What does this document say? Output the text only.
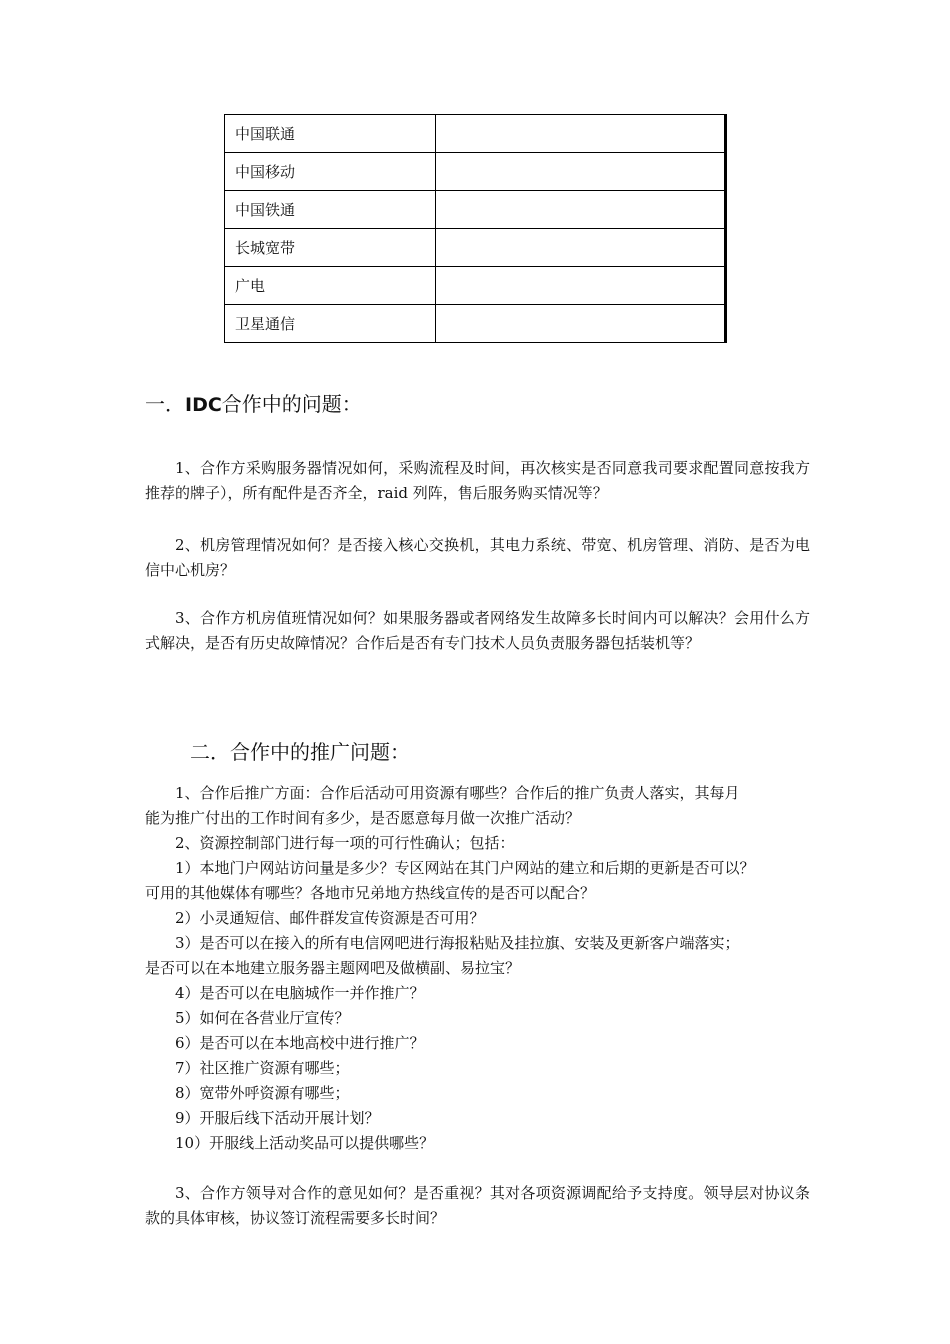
中国联通	
中国移动	
中国铁通	
长城宽带	
广电	
卫星通信	
一．IDC合作中的问题：
1、合作方采购服务器情况如何，采购流程及时间，再次核实是否同意我司要求配置同意按我方推荐的牌子），所有配件是否齐全，raid 列阵，售后服务购买情况等？
2、机房管理情况如何？是否接入核心交换机，其电力系统、带宽、机房管理、消防、是否为电信中心机房？
3、合作方机房值班情况如何？如果服务器或者网络发生故障多长时间内可以解决？会用什么方式解决，是否有历史故障情况？合作后是否有专门技术人员负责服务器包括装机等？
二．合作中的推广问题：
1、合作后推广方面：合作后活动可用资源有哪些？合作后的推广负责人落实，其每月
能为推广付出的工作时间有多少，是否愿意每月做一次推广活动？
2、资源控制部门进行每一项的可行性确认；包括：
1）本地门户网站访问量是多少？专区网站在其门户网站的建立和后期的更新是否可以？
可用的其他媒体有哪些？各地市兄弟地方热线宣传的是否可以配合？
2）小灵通短信、邮件群发宣传资源是否可用？
3）是否可以在接入的所有电信网吧进行海报粘贴及挂拉旗、安装及更新客户端落实；
是否可以在本地建立服务器主题网吧及做横副、易拉宝？
4）是否可以在电脑城作一并作推广？
5）如何在各营业厅宣传？
6）是否可以在本地高校中进行推广？
7）社区推广资源有哪些；
8）宽带外呼资源有哪些；
9）开服后线下活动开展计划？
10）开服线上活动奖品可以提供哪些？
3、合作方领导对合作的意见如何？是否重视？其对各项资源调配给予支持度。领导层对协议条款的具体审核，协议签订流程需要多长时间？
